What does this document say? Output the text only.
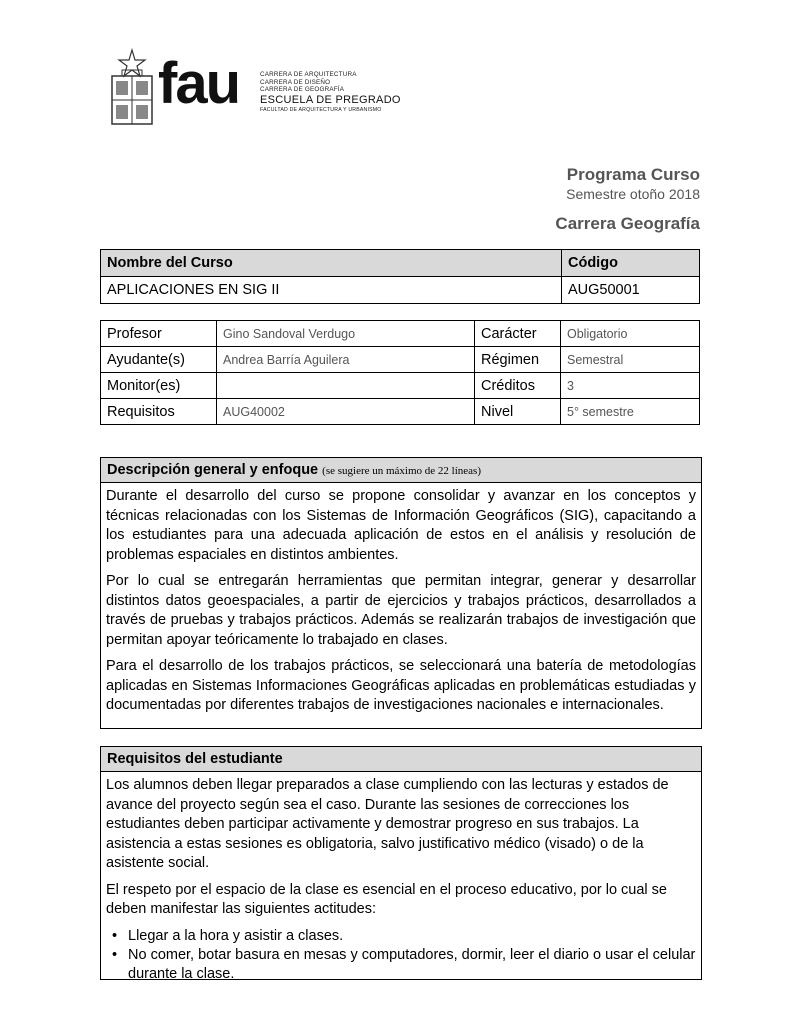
fau	CARRERA DE ARQUITECTURA
CARRERA DE DISEÑO
CARRERA DE GEOGRAFÍA
ESCUELA DE PREGRADO
FACULTAD DE ARQUITECTURA Y URBANISMO
Programa Curso
Semestre otoño 2018
Carrera Geografía
Nombre del Curso	Código
APLICACIONES EN SIG II	AUG50001
Profesor	Gino Sandoval Verdugo	Carácter	Obligatorio
Ayudante(s)	Andrea Barría Aguilera	Régimen	Semestral
Monitor(es)		Créditos	3
Requisitos	AUG40002	Nivel	5° semestre
Descripción general y enfoque (se sugiere un máximo de 22 líneas)

Durante el desarrollo del curso se propone consolidar y avanzar en los conceptos y técnicas relacionadas con los Sistemas de Información Geográficos (SIG), capacitando a los estudiantes para una adecuada aplicación de estos en el análisis y resolución de problemas espaciales en distintos ambientes.

Por lo cual se entregarán herramientas que permitan integrar, generar y desarrollar distintos datos geoespaciales, a partir de ejercicios y trabajos prácticos, desarrollados a través de pruebas y trabajos prácticos. Además se realizarán trabajos de investigación que permitan apoyar teóricamente lo trabajado en clases.

Para el desarrollo de los trabajos prácticos, se seleccionará una batería de metodologías aplicadas en Sistemas Informaciones Geográficas aplicadas en problemáticas estudiadas y documentadas por diferentes trabajos de investigaciones nacionales e internacionales.

Requisitos del estudiante

Los alumnos deben llegar preparados a clase cumpliendo con las lecturas y estados de avance del proyecto según sea el caso. Durante las sesiones de correcciones los estudiantes deben participar activamente y demostrar progreso en sus trabajos. La asistencia a estas sesiones es obligatoria, salvo justificativo médico (visado) o de la asistente social.

El respeto por el espacio de la clase es esencial en el proceso educativo, por lo cual se deben manifestar las siguientes actitudes:

• Llegar a la hora y asistir a clases.
• No comer, botar basura en mesas y computadores, dormir, leer el diario o usar el celular durante la clase.
